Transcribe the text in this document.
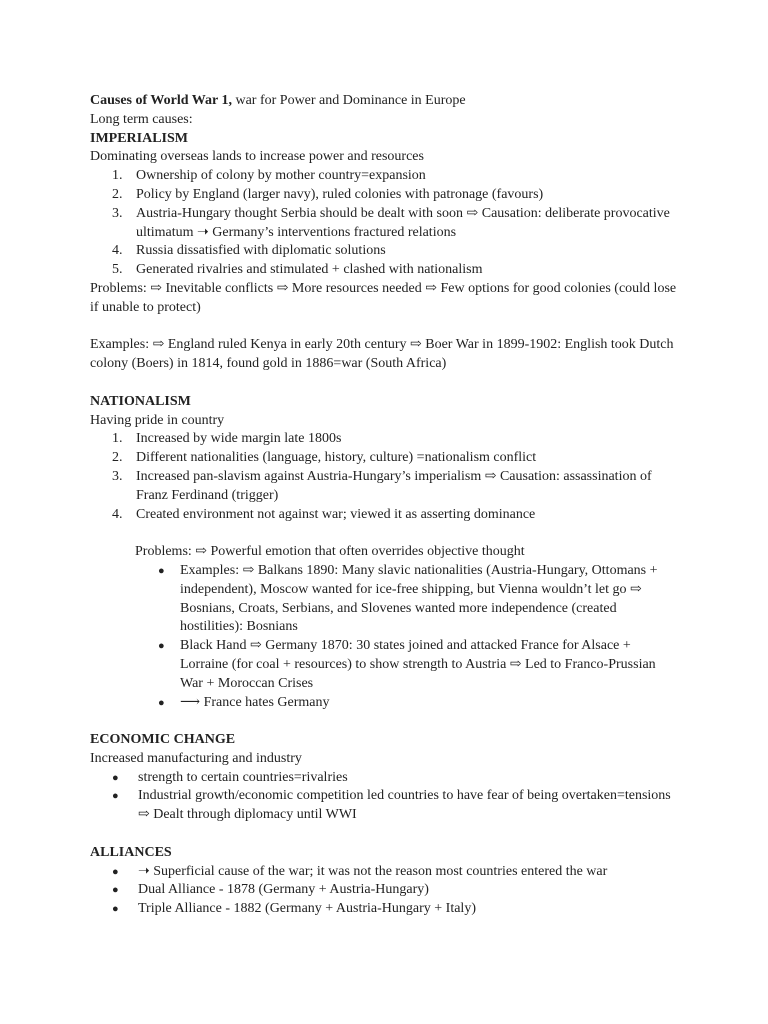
Causes of World War 1, war for Power and Dominance in Europe
Long term causes:
IMPERIALISM
Dominating overseas lands to increase power and resources
1. Ownership of colony by mother country=expansion
2. Policy by England (larger navy), ruled colonies with patronage (favours)
3. Austria-Hungary thought Serbia should be dealt with soon ⇨ Causation: deliberate provocative ultimatum ➝ Germany’s interventions fractured relations
4. Russia dissatisfied with diplomatic solutions
5. Generated rivalries and stimulated + clashed with nationalism
Problems: ⇨ Inevitable conflicts ⇨ More resources needed ⇨ Few options for good colonies (could lose
if unable to protect)
Examples: ⇨ England ruled Kenya in early 20th century ⇨ Boer War in 1899-1902: English took Dutch
colony (Boers) in 1814, found gold in 1886=war (South Africa)
NATIONALISM
Having pride in country
1. Increased by wide margin late 1800s
2. Different nationalities (language, history, culture) =nationalism conflict
3. Increased pan-slavism against Austria-Hungary’s imperialism ⇨ Causation: assassination of Franz Ferdinand (trigger)
4. Created environment not against war; viewed it as asserting dominance
Problems: ⇨ Powerful emotion that often overrides objective thought
● Examples: ⇨ Balkans 1890: Many slavic nationalities (Austria-Hungary, Ottomans + independent), Moscow wanted for ice-free shipping, but Vienna wouldn’t let go ⇨ Bosnians, Croats, Serbians, and Slovenes wanted more independence (created hostilities): Bosnians
● Black Hand ⇨ Germany 1870: 30 states joined and attacked France for Alsace + Lorraine (for coal + resources) to show strength to Austria ⇨ Led to Franco-Prussian War + Moroccan Crises
● ⟶ France hates Germany
ECONOMIC CHANGE
Increased manufacturing and industry
● strength to certain countries=rivalries
● Industrial growth/economic competition led countries to have fear of being overtaken=tensions ⇨ Dealt through diplomacy until WWI
ALLIANCES
● ➝ Superficial cause of the war; it was not the reason most countries entered the war
● Dual Alliance - 1878 (Germany + Austria-Hungary)
● Triple Alliance - 1882 (Germany + Austria-Hungary + Italy)
